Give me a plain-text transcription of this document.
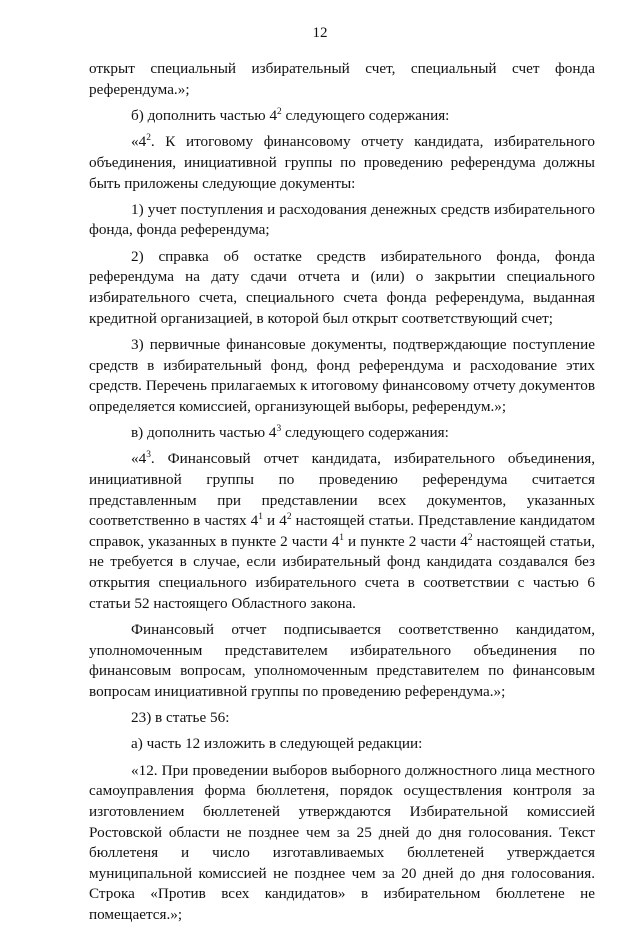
12

открыт специальный избирательный счет, специальный счет фонда референдума.»;

б) дополнить частью $4^2$ следующего содержания:

«$4^2$. К итоговому финансовому отчету кандидата, избирательного объединения, инициативной группы по проведению референдума должны быть приложены следующие документы:

1) учет поступления и расходования денежных средств избирательного фонда, фонда референдума;

2) справка об остатке средств избирательного фонда, фонда референдума на дату сдачи отчета и (или) о закрытии специального избирательного счета, специального счета фонда референдума, выданная кредитной организацией, в которой был открыт соответствующий счет;

3) первичные финансовые документы, подтверждающие поступление средств в избирательный фонд, фонд референдума и расходование этих средств. Перечень прилагаемых к итоговому финансовому отчету документов определяется комиссией, организующей выборы, референдум.»;

в) дополнить частью $4^3$ следующего содержания:

«$4^3$. Финансовый отчет кандидата, избирательного объединения, инициативной группы по проведению референдума считается представленным при представлении всех документов, указанных соответственно в частях $4^1$ и $4^2$ настоящей статьи. Представление кандидатом справок, указанных в пункте 2 части $4^1$ и пункте 2 части $4^2$ настоящей статьи, не требуется в случае, если избирательный фонд кандидата создавался без открытия специального избирательного счета в соответствии с частью 6 статьи 52 настоящего Областного закона.

Финансовый отчет подписывается соответственно кандидатом, уполномоченным представителем избирательного объединения по финансовым вопросам, уполномоченным представителем по финансовым вопросам инициативной группы по проведению референдума.»;

23) в статье 56:

а) часть 12 изложить в следующей редакции:

«12. При проведении выборов выборного должностного лица местного самоуправления форма бюллетеня, порядок осуществления контроля за изготовлением бюллетеней утверждаются Избирательной комиссией Ростовской области не позднее чем за 25 дней до дня голосования. Текст бюллетеня и число изготавливаемых бюллетеней утверждается муниципальной комиссией не позднее чем за 20 дней до дня голосования. Строка «Против всех кандидатов» в избирательном бюллетене не помещается.»;
